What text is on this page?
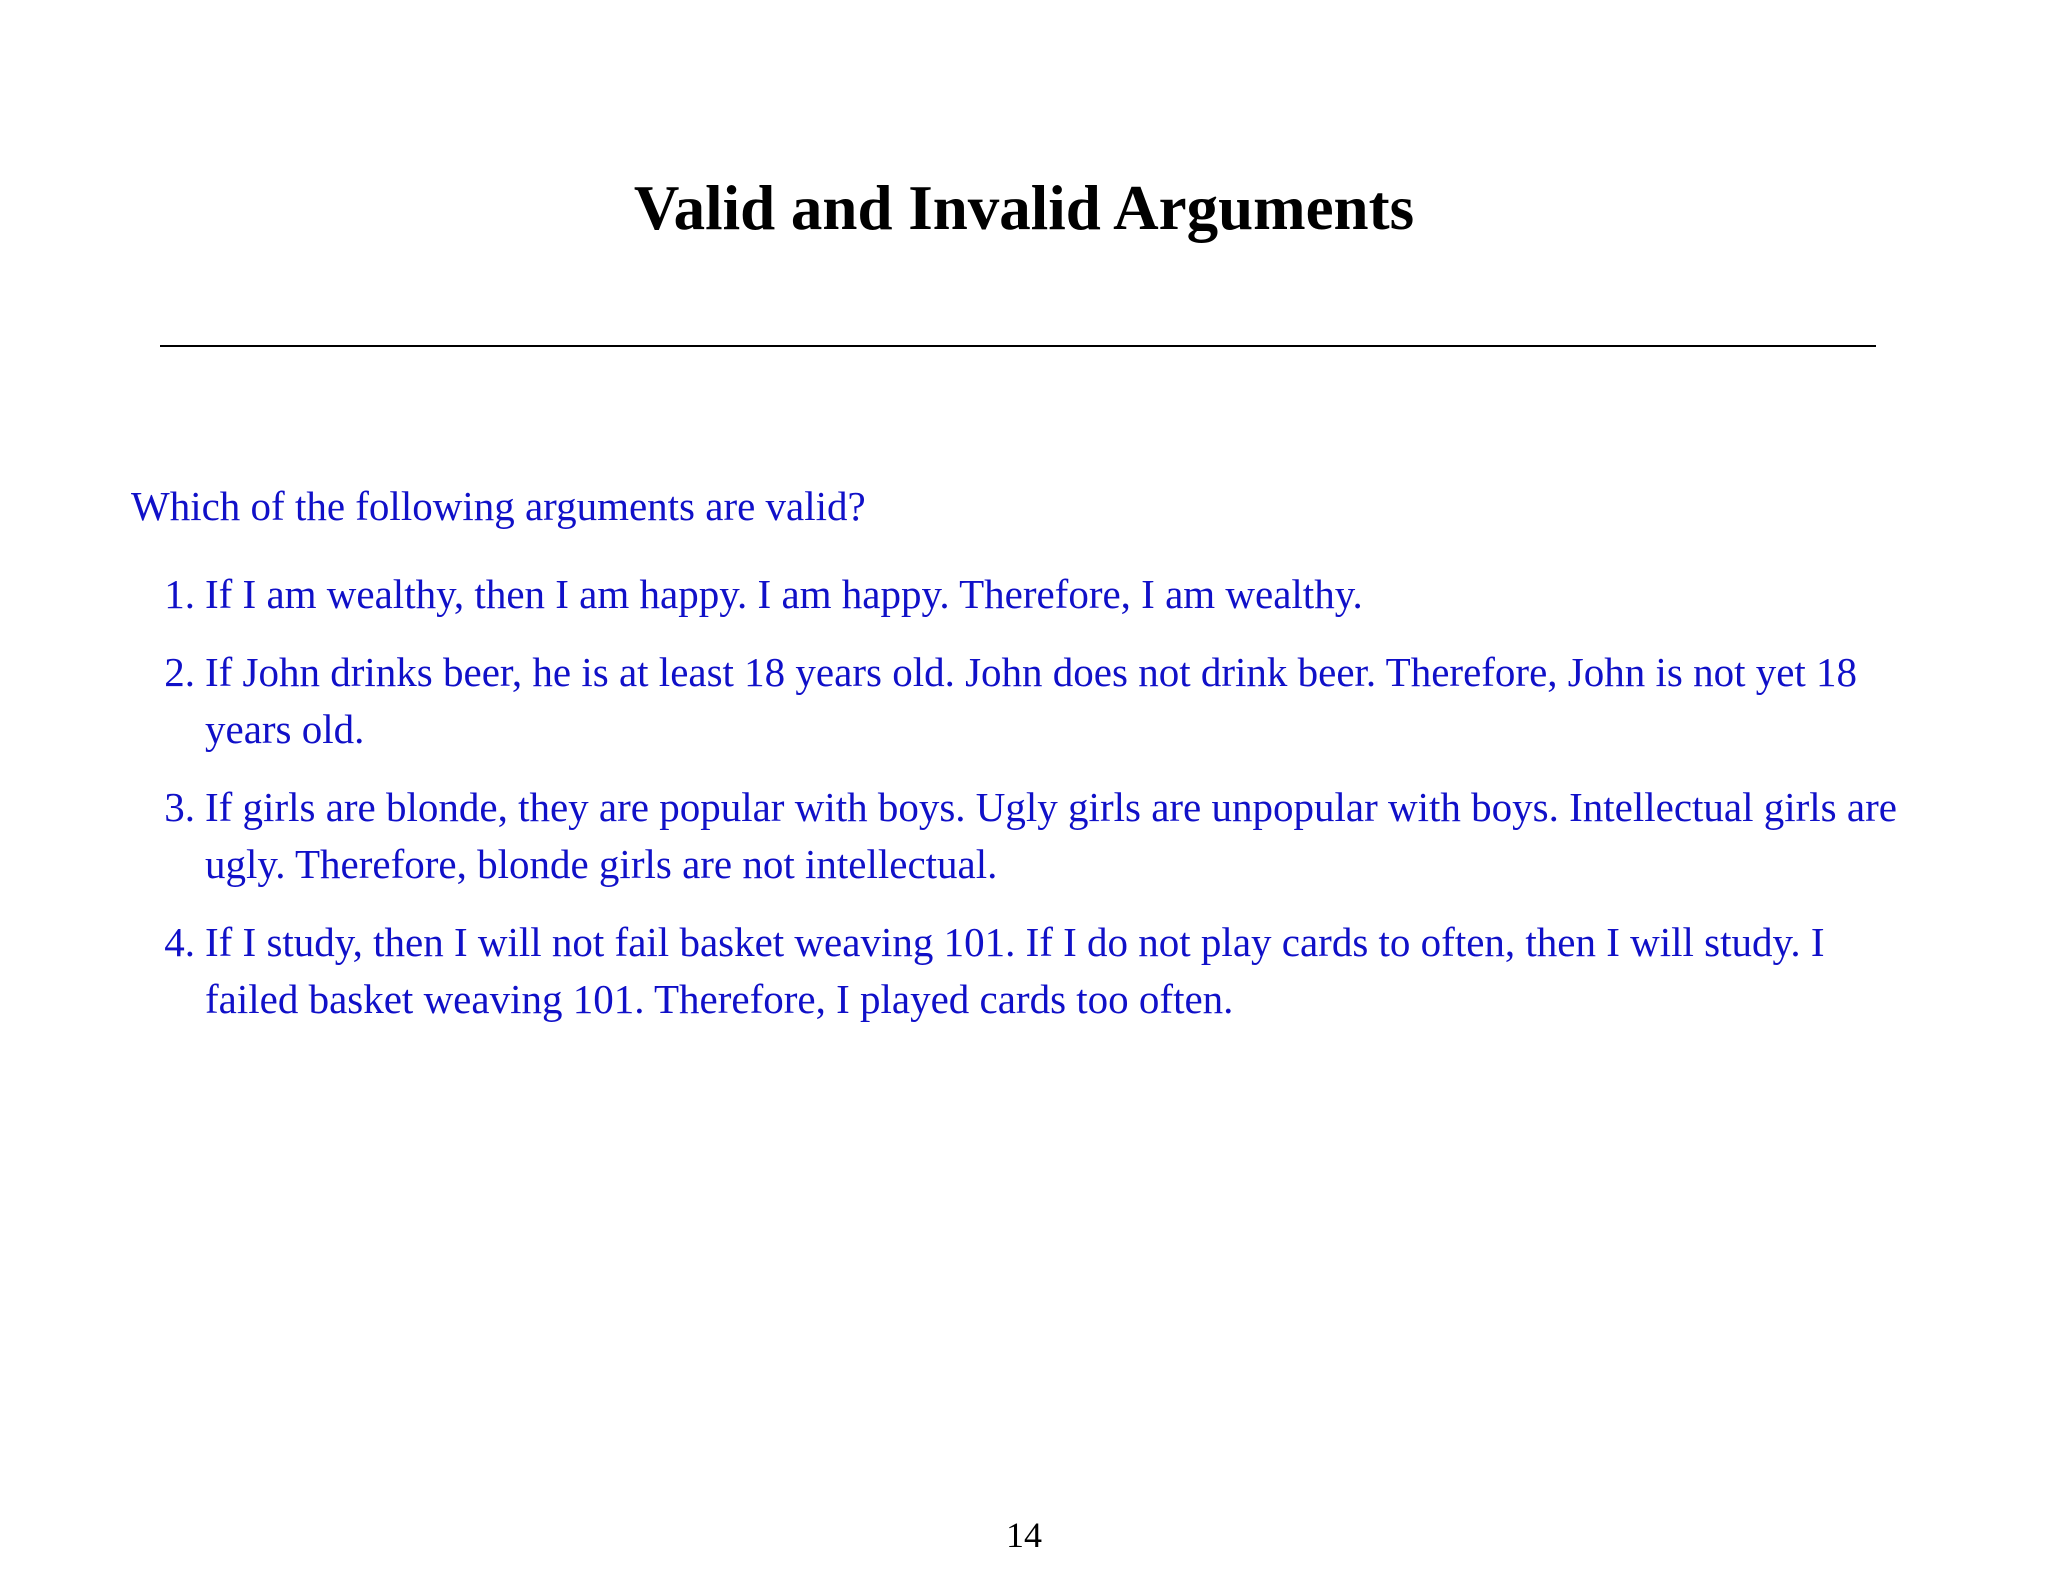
Valid and Invalid Arguments
Which of the following arguments are valid?
1. If I am wealthy, then I am happy. I am happy. Therefore, I am wealthy.
2. If John drinks beer, he is at least 18 years old. John does not drink beer. Therefore, John is not yet 18 years old.
3. If girls are blonde, they are popular with boys. Ugly girls are unpopular with boys. Intellectual girls are ugly. Therefore, blonde girls are not intellectual.
4. If I study, then I will not fail basket weaving 101. If I do not play cards to often, then I will study. I failed basket weaving 101. Therefore, I played cards too often.
14
